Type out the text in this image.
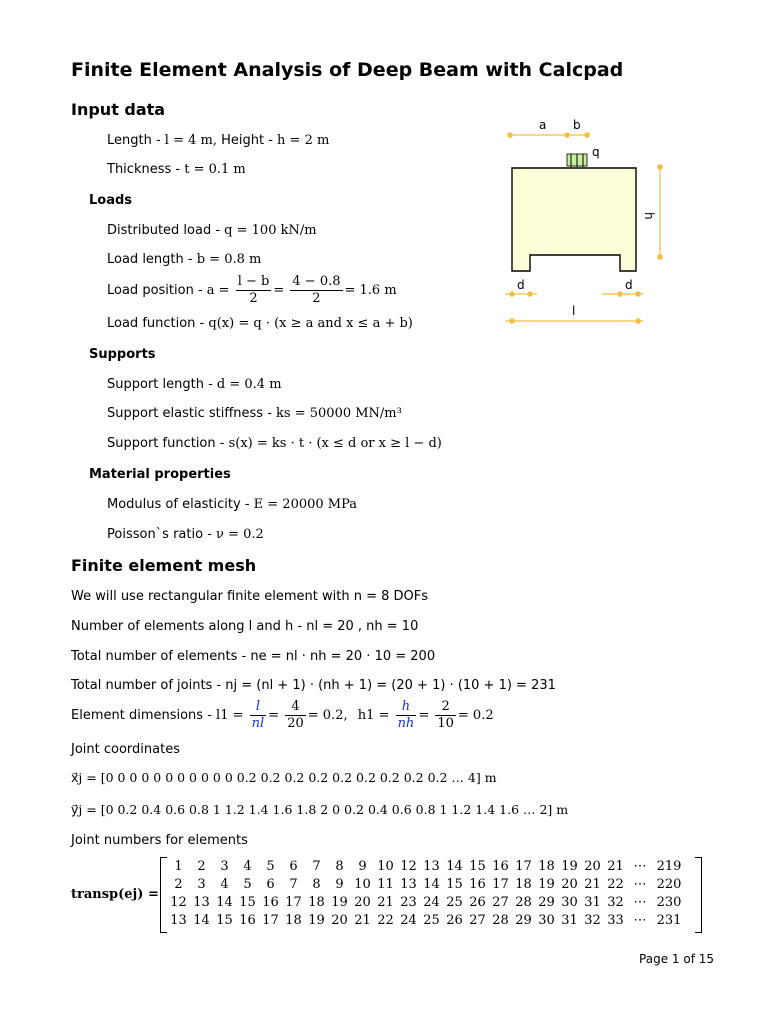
Finite Element Analysis of Deep Beam with Calcpad
Input data
Length - l = 4 m, Height - h = 2 m
Thickness - t = 0.1 m
Loads
Distributed load - q = 100 kN/m
Load length - b = 0.8 m
Load position - $a = \frac{l - b}{2} = \frac{4 - 0.8}{2} = 1.6$ m
Load function - q(x) = q · (x ≥ a and x ≤ a + b)
Supports
Support length - d = 0.4 m
Support elastic stiffness - ks = 50000 MN/m³
Support function - s(x) = ks · t · (x ≤ d or x ≥ l − d)
Material properties
Modulus of elasticity - E = 20000 MPa
Poisson`s ratio - ν = 0.2
Finite element mesh
We will use rectangular finite element with n = 8 DOFs
Number of elements along l and h - nl = 20 , nh = 10
Total number of elements - ne = nl · nh = 20 · 10 = 200
Total number of joints - nj = (nl + 1) · (nh + 1) = (20 + 1) · (10 + 1) = 231
Element dimensions - $l1 = \frac{l}{nl} = \frac{4}{20} = 0.2$, $h1 = \frac{h}{nh} = \frac{2}{10} = 0.2$
Joint coordinates
x⃗j = [0 0 0 0 0 0 0 0 0 0 0 0.2 0.2 0.2 0.2 0.2 0.2 0.2 0.2 0.2 … 4] m
y⃗j = [0 0.2 0.4 0.6 0.8 1 1.2 1.4 1.6 1.8 2 0 0.2 0.4 0.6 0.8 1 1.2 1.4 1.6 … 2] m
Joint numbers for elements
transp(ej) =
1 2 3 4 5 6 7 8 9 10 12 13 14 15 16 17 18 19 20 21 ⋯ 219
2 3 4 5 6 7 8 9 10 11 13 14 15 16 17 18 19 20 21 22 ⋯ 220
12 13 14 15 16 17 18 19 20 21 23 24 25 26 27 28 29 30 31 32 ⋯ 230
13 14 15 16 17 18 19 20 21 22 24 25 26 27 28 29 30 31 32 33 ⋯ 231
a b
q
h
d	d
l
Page 1 of 15
